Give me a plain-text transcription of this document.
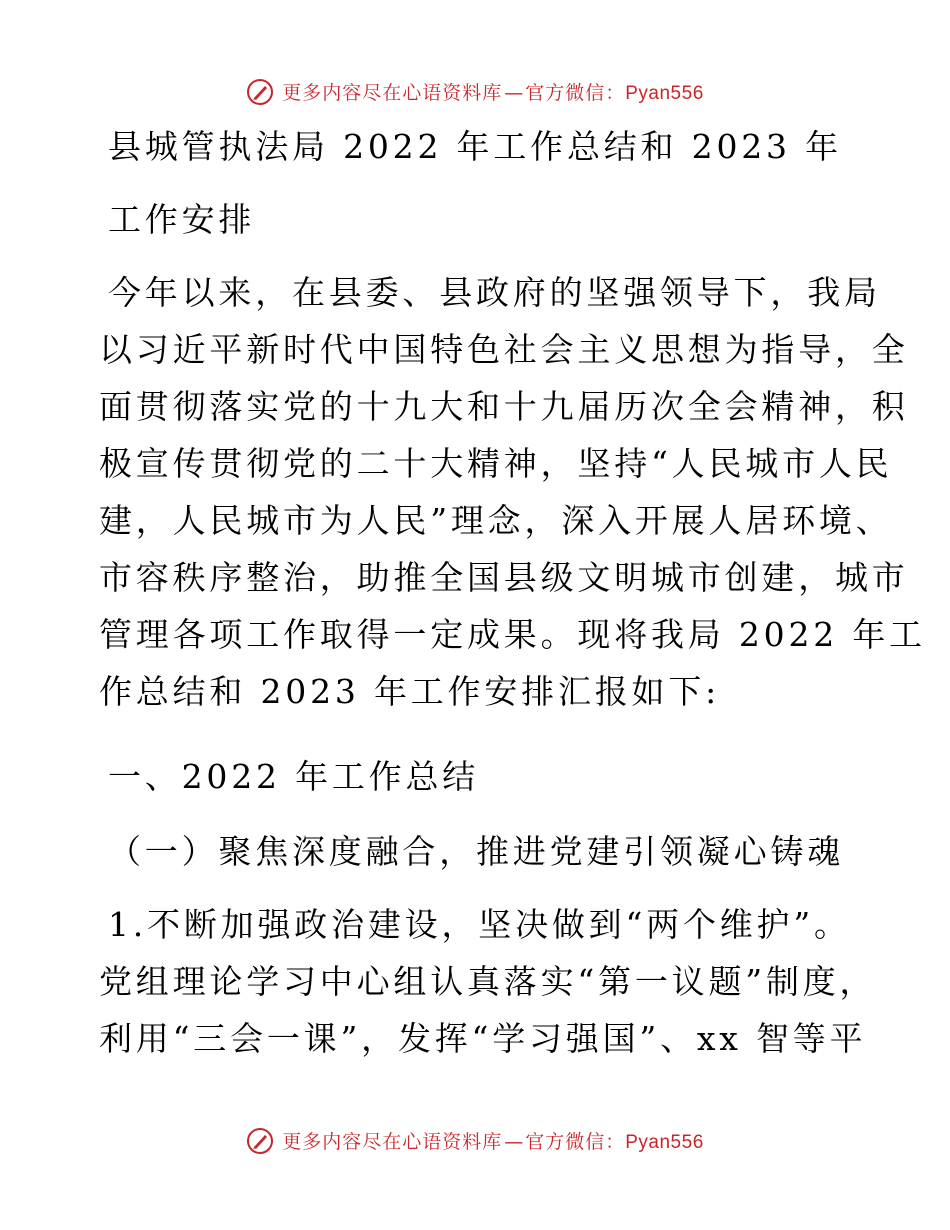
更多内容尽在心语资料库 — 官方微信：Pyan556
县城管执法局 2022 年工作总结和 2023 年
工作安排
今年以来，在县委、县政府的坚强领导下，我局
以习近平新时代中国特色社会主义思想为指导，全
面贯彻落实党的十九大和十九届历次全会精神，积
极宣传贯彻党的二十大精神，坚持“人民城市人民
建，人民城市为人民”理念，深入开展人居环境、
市容秩序整治，助推全国县级文明城市创建，城市
管理各项工作取得一定成果。现将我局 2022 年工
作总结和 2023 年工作安排汇报如下:
一、2022 年工作总结
（一）聚焦深度融合，推进党建引领凝心铸魂
1.不断加强政治建设，坚决做到“两个维护”。
党组理论学习中心组认真落实“第一议题”制度，
利用“三会一课”，发挥“学习强国”、xx 智等平
更多内容尽在心语资料库 — 官方微信：Pyan556
